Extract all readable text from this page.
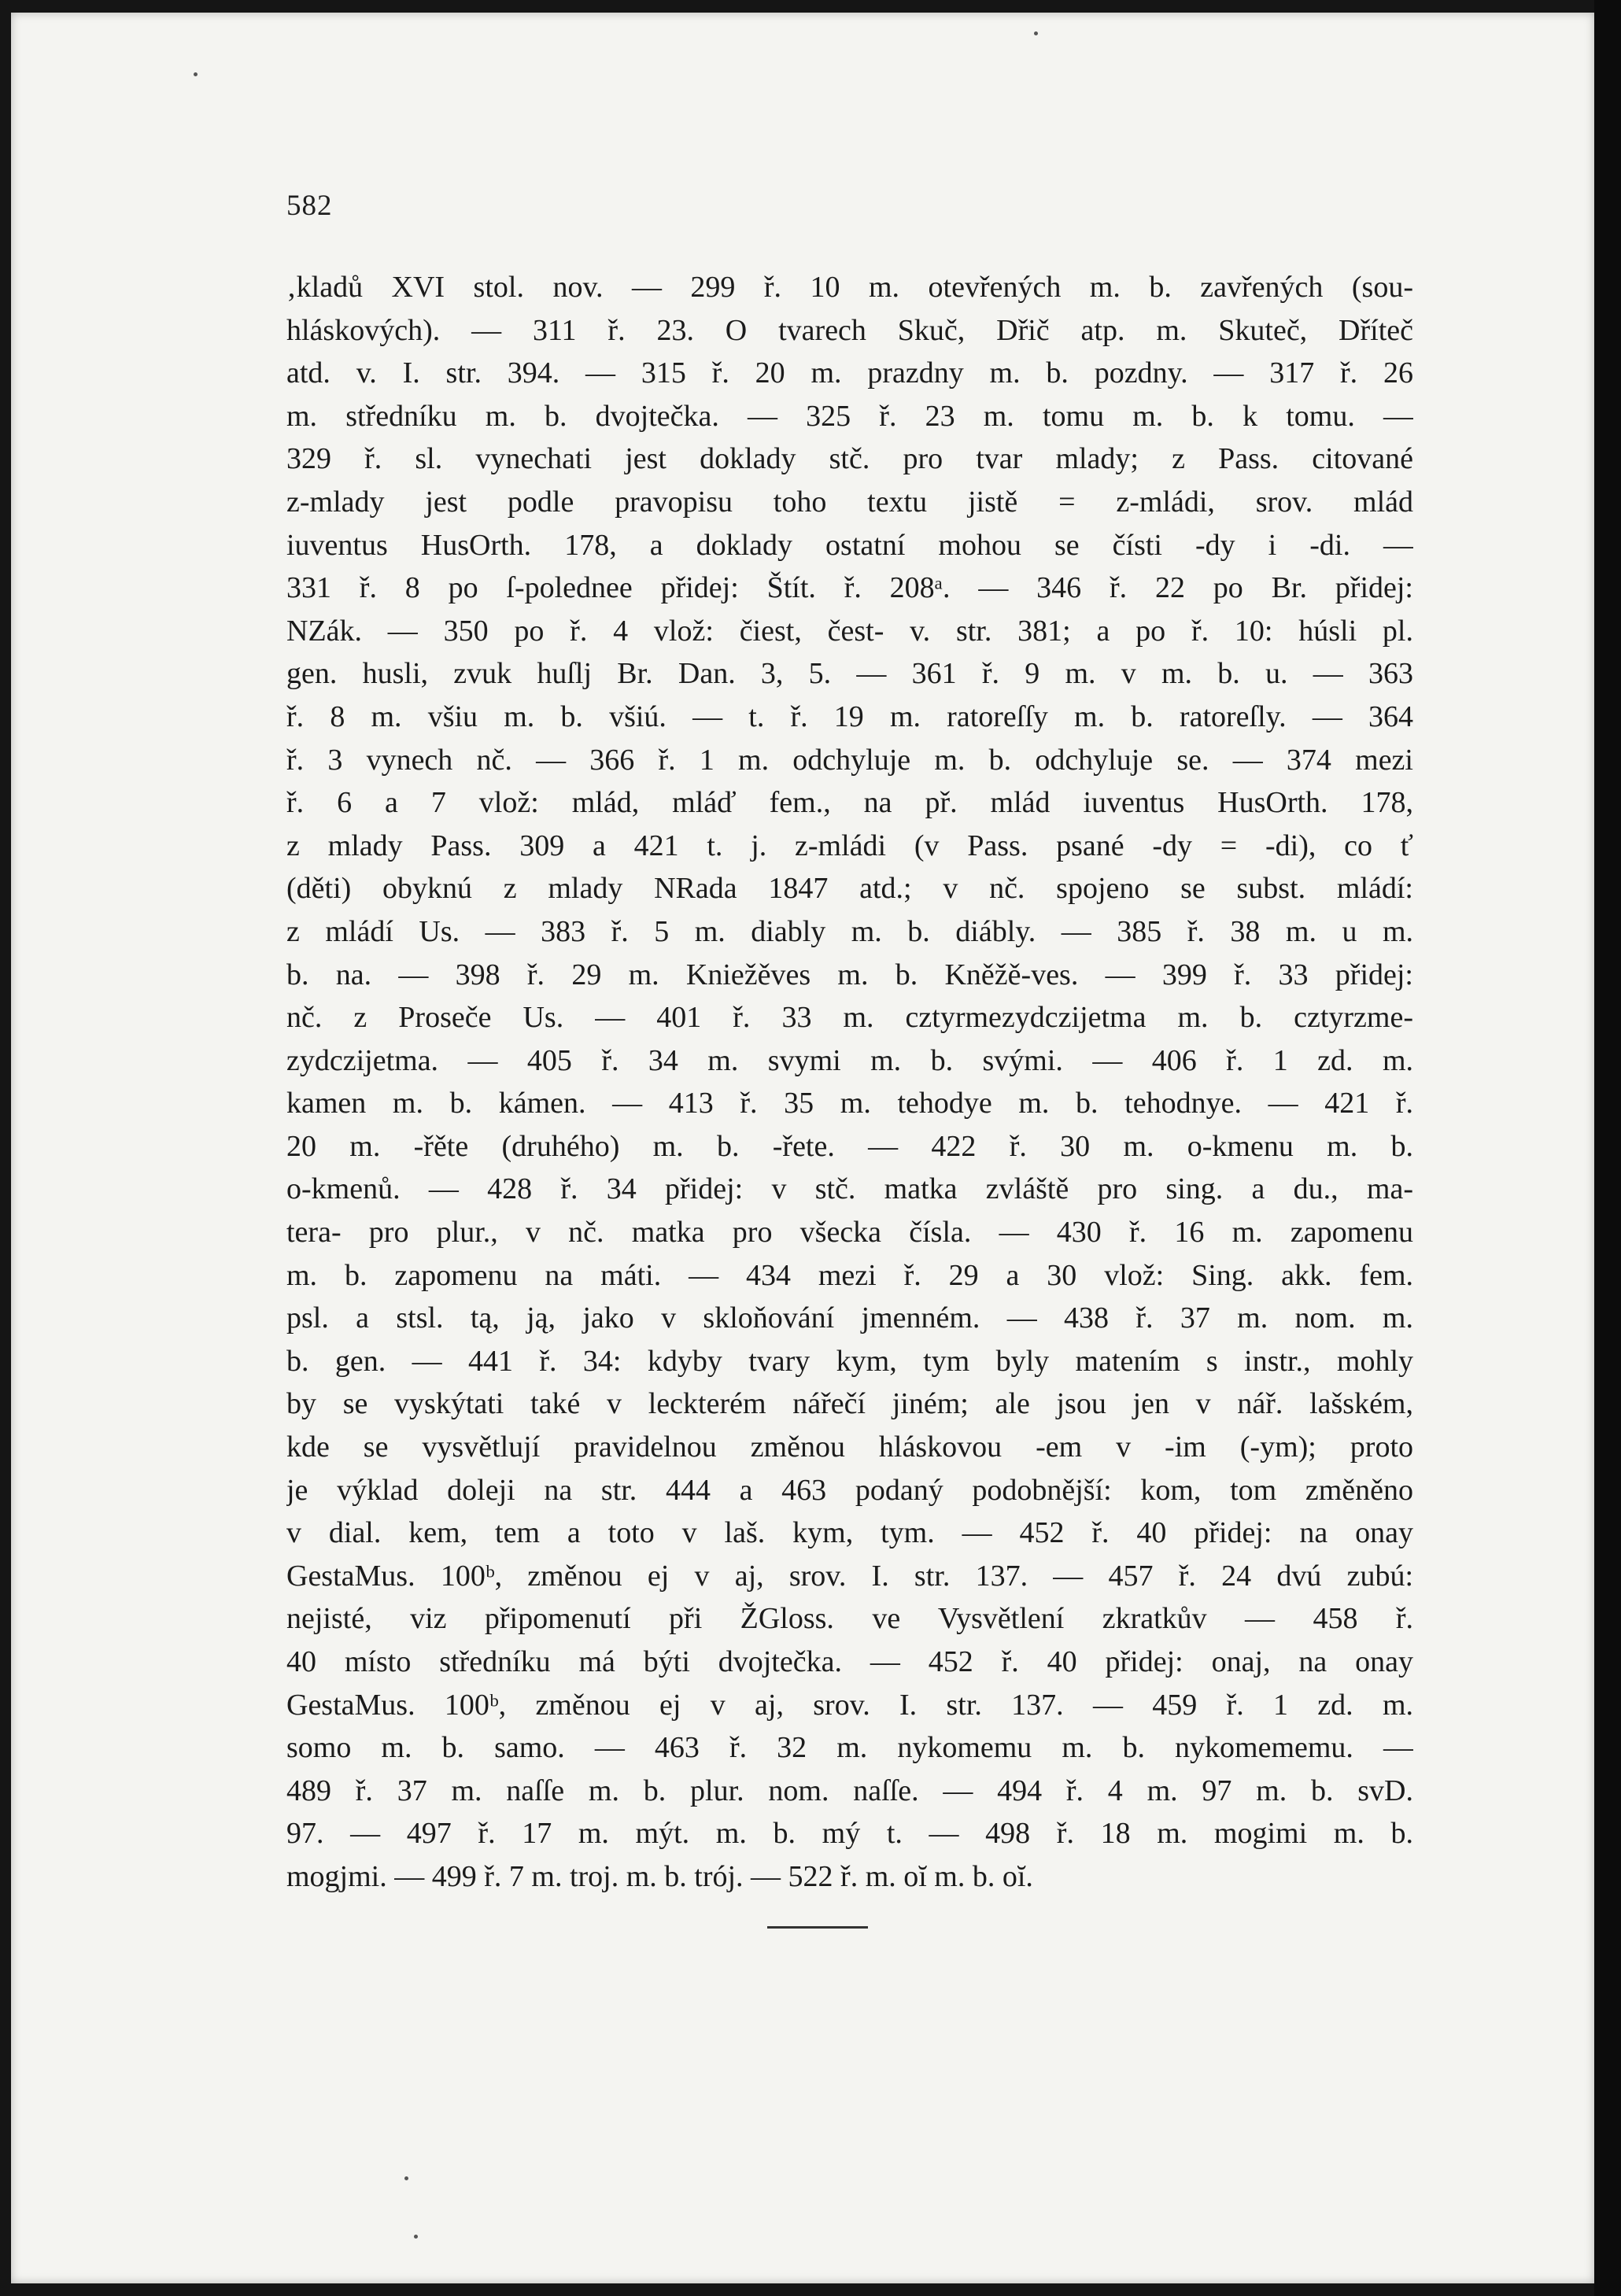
582
‚kladů XVI stol. nov. — 299 ř. 10 m. otevřených m. b. zavřených (sou-
hláskových). — 311 ř. 23. O tvarech Skuč, Dřič atp. m. Skuteč, Dříteč
atd. v. I. str. 394. — 315 ř. 20 m. prazdny m. b. pozdny. — 317 ř. 26
m. středníku m. b. dvojtečka. — 325 ř. 23 m. tomu m. b. k tomu. —
329 ř. sl. vynechati jest doklady stč. pro tvar mlady; z Pass. citované
z-mlady jest podle pravopisu toho textu jistě = z-mládi, srov. mlád
iuventus HusOrth. 178, a doklady ostatní mohou se čísti -dy i -di. —
331 ř. 8 po ſ-polednee přidej: Štít. ř. 208ᵃ. — 346 ř. 22 po Br. přidej:
NZák. — 350 po ř. 4 vlož: čiest, čest- v. str. 381; a po ř. 10: húsli pl.
gen. husli, zvuk huſlj Br. Dan. 3, 5. — 361 ř. 9 m. v m. b. u. — 363
ř. 8 m. všiu m. b. všiú. — t. ř. 19 m. ratoreſſy m. b. ratoreſly. — 364
ř. 3 vynech nč. — 366 ř. 1 m. odchyluje m. b. odchyluje se. — 374 mezi
ř. 6 a 7 vlož: mlád, mláď fem., na př. mlád iuventus HusOrth. 178,
z mlady Pass. 309 a 421 t. j. z-mládi (v Pass. psané -dy = -di), co ť
(děti) obyknú z mlady NRada 1847 atd.; v nč. spojeno se subst. mládí:
z mládí Us. — 383 ř. 5 m. diably m. b. diábly. — 385 ř. 38 m. u m.
b. na. — 398 ř. 29 m. Kniežěves m. b. Kněžě-ves. — 399 ř. 33 přidej:
nč. z Proseče Us. — 401 ř. 33 m. cztyrmezydczijetma m. b. cztyrzme-
zydczijetma. — 405 ř. 34 m. svymi m. b. svými. — 406 ř. 1 zd. m.
kamen m. b. kámen. — 413 ř. 35 m. tehodye m. b. tehodnye. — 421 ř.
20 m. -řěte (druhého) m. b. -řete. — 422 ř. 30 m. o-kmenu m. b.
o-kmenů. — 428 ř. 34 přidej: v stč. matka zvláště pro sing. a du., ma-
tera- pro plur., v nč. matka pro všecka čísla. — 430 ř. 16 m. zapomenu
m. b. zapomenu na máti. — 434 mezi ř. 29 a 30 vlož: Sing. akk. fem.
psl. a stsl. tą, ją, jako v skloňování jmenném. — 438 ř. 37 m. nom. m.
b. gen. — 441 ř. 34: kdyby tvary kym, tym byly matením s instr., mohly
by se vyskýtati také v leckterém nářečí jiném; ale jsou jen v nář. lašském,
kde se vysvětlují pravidelnou změnou hláskovou -em v -im (-ym); proto
je výklad doleji na str. 444 a 463 podaný podobnější: kom, tom změněno
v dial. kem, tem a toto v laš. kym, tym. — 452 ř. 40 přidej: na onay
GestaMus. 100ᵇ, změnou ej v aj, srov. I. str. 137. — 457 ř. 24 dvú zubú:
nejisté, viz připomenutí při ŽGloss. ve Vysvětlení zkratkův — 458 ř.
40 místo středníku má býti dvojtečka. — 452 ř. 40 přidej: onaj, na onay
GestaMus. 100ᵇ, změnou ej v aj, srov. I. str. 137. — 459 ř. 1 zd. m.
somo m. b. samo. — 463 ř. 32 m. nykomemu m. b. nykomememu. —
489 ř. 37 m. naſſe m. b. plur. nom. naſſe. — 494 ř. 4 m. 97 m. b. svD.
97. — 497 ř. 17 m. mýt. m. b. mý t. — 498 ř. 18 m. mogimi m. b.
mogjmi. — 499 ř. 7 m. troj. m. b. trój. — 522 ř. m. oĭ m. b. oĭ.
